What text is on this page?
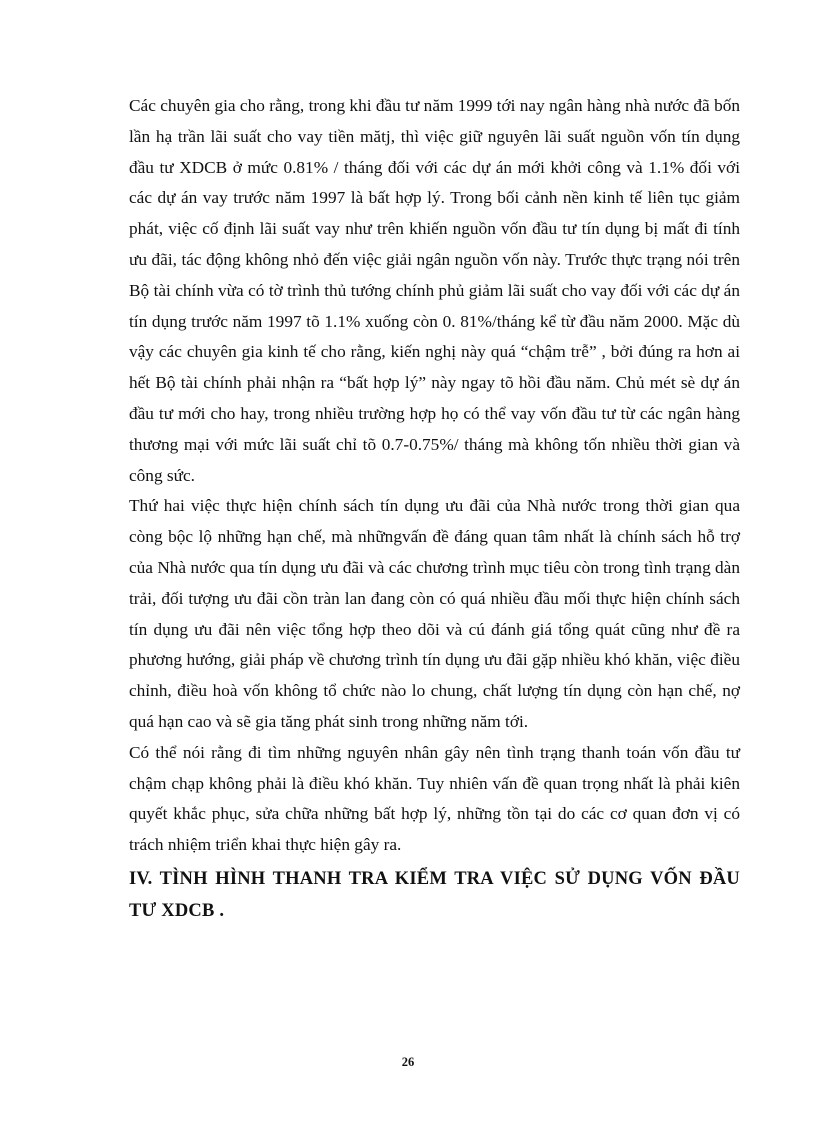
Các chuyên gia cho rằng, trong khi đầu tư năm 1999 tới nay ngân hàng nhà nước đã bốn lần hạ trần lãi suất cho vay tiền mătj, thì việc giữ nguyên lãi suất nguồn vốn tín dụng đầu tư XDCB ở mức 0.81% / tháng đối với các dự án mới khởi công và 1.1% đối với các dự án vay trước năm 1997 là bất hợp lý. Trong bối cảnh nền kinh tế liên tục giảm phát, việc cố định lãi suất vay như trên khiến nguồn vốn đầu tư tín dụng bị mất đi tính ưu đãi, tác động không nhỏ đến việc giải ngân nguồn vốn này. Trước thực trạng nói trên Bộ tài chính vừa có tờ trình thủ tướng chính phủ giảm lãi suất cho vay đối với các dự án tín dụng trước năm 1997 tõ 1.1% xuống còn 0. 81%/tháng kể từ đầu năm 2000. Mặc dù vậy các chuyên gia kinh tế cho rằng, kiến nghị này quá “chậm trễ” , bởi đúng ra hơn ai hết Bộ tài chính phải nhận ra “bất hợp lý” này ngay tõ hồi đầu năm. Chủ mét sè dự án đầu tư mới cho hay, trong nhiều trường hợp họ có thể vay vốn đầu tư từ các ngân hàng thương mại với mức lãi suất chỉ tõ 0.7-0.75%/ tháng mà không tốn nhiều thời gian và công sức.

Thứ hai việc thực hiện chính sách tín dụng ưu đãi của Nhà nước trong thời gian qua còng bộc lộ những hạn chế, mà nhữngvấn đề đáng quan tâm nhất là chính sách hỗ trợ của Nhà nước qua tín dụng ưu đãi và các chương trình mục tiêu còn trong tình trạng dàn trải, đối tượng ưu đãi cồn tràn lan đang còn có quá nhiều đầu mối thực hiện chính sách tín dụng ưu đãi nên việc tổng hợp theo dõi và cú đánh giá tổng quát cũng như đề ra phương hướng, giải pháp về chương trình tín dụng ưu đãi gặp nhiều khó khăn, việc điều chỉnh, điều hoà vốn không tổ chức nào lo chung, chất lượng tín dụng còn hạn chế, nợ quá hạn cao và sẽ gia tăng phát sinh trong những năm tới.

Có thể nói rằng đi tìm những nguyên nhân gây nên tình trạng thanh toán vốn đầu tư chậm chạp không phải là điều khó khăn. Tuy nhiên vấn đề quan trọng nhất là phải kiên quyết khắc phục, sửa chữa những bất hợp lý, những tồn tại do các cơ quan đơn vị có trách nhiệm triển khai thực hiện gây ra.

IV. TÌNH HÌNH THANH TRA KIỂM TRA VIỆC SỬ DỤNG VỐN ĐẦU TƯ XDCB .

26
